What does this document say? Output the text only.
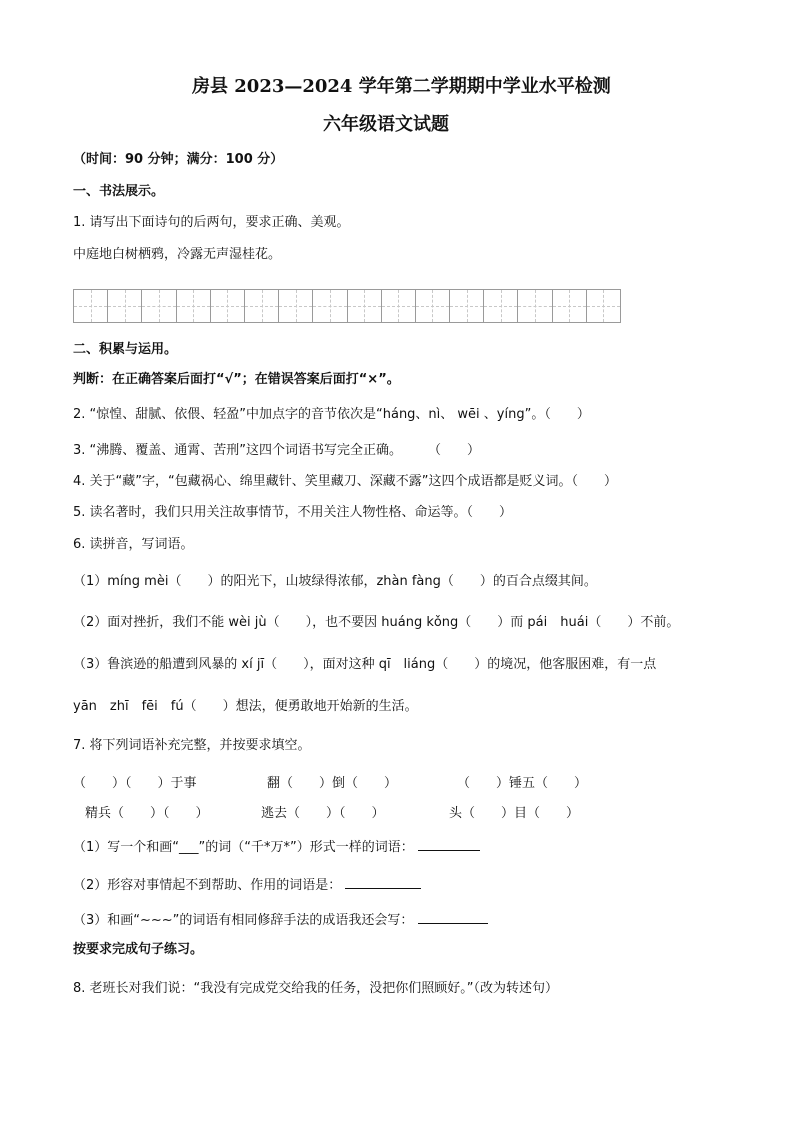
房县 2023—2024 学年第二学期期中学业水平检测
六年级语文试题
（时间：90 分钟；满分：100 分）
一、书法展示。
1. 请写出下面诗句的后两句，要求正确、美观。
中庭地白树栖鸦，冷露无声湿桂花。
二、积累与运用。
判断：在正确答案后面打“√”；在错误答案后面打“×”。
2. “惊惶、甜腻、依偎、轻盈”中加点字的音节依次是“háng、nì、 wēi 、yíng”。（　　）
3. “沸腾、覆盖、通霄、苦刑”这四个词语书写完全正确。　　　（　　）
4. 关于“藏”字，“包藏祸心、绵里藏针、笑里藏刀、深藏不露”这四个成语都是贬义词。（　　）
5. 读名著时，我们只用关注故事情节，不用关注人物性格、命运等。（　　）
6. 读拼音，写词语。
（1）míng mèi（　　）的阳光下，山坡绿得浓郁，zhàn fàng（　　）的百合点缀其间。
（2）面对挫折，我们不能 wèi jù（　　），也不要因 huáng kǒng（　　）而 pái　huái（　　）不前。
（3）鲁滨逊的船遭到风暴的 xí jī（　　），面对这种 qī　liáng（　　）的境况，他客服困难，有一点
yān　zhī　fēi　fú（　　）想法，便勇敢地开始新的生活。
7. 将下列词语补充完整，并按要求填空。
（　　）（　　）于事	翻（　　）倒（　　）	（　　）锤五（　　）
精兵（　　）（　　）	逃去（　　）（　　）	头（　　）目（　　）
（1）写一个和画“___”的词（“千*万*”）形式一样的词语：
（2）形容对事情起不到帮助、作用的词语是：
（3）和画“~~~”的词语有相同修辞手法的成语我还会写：
按要求完成句子练习。
8. 老班长对我们说：“我没有完成党交给我的任务，没把你们照顾好。”（改为转述句）
